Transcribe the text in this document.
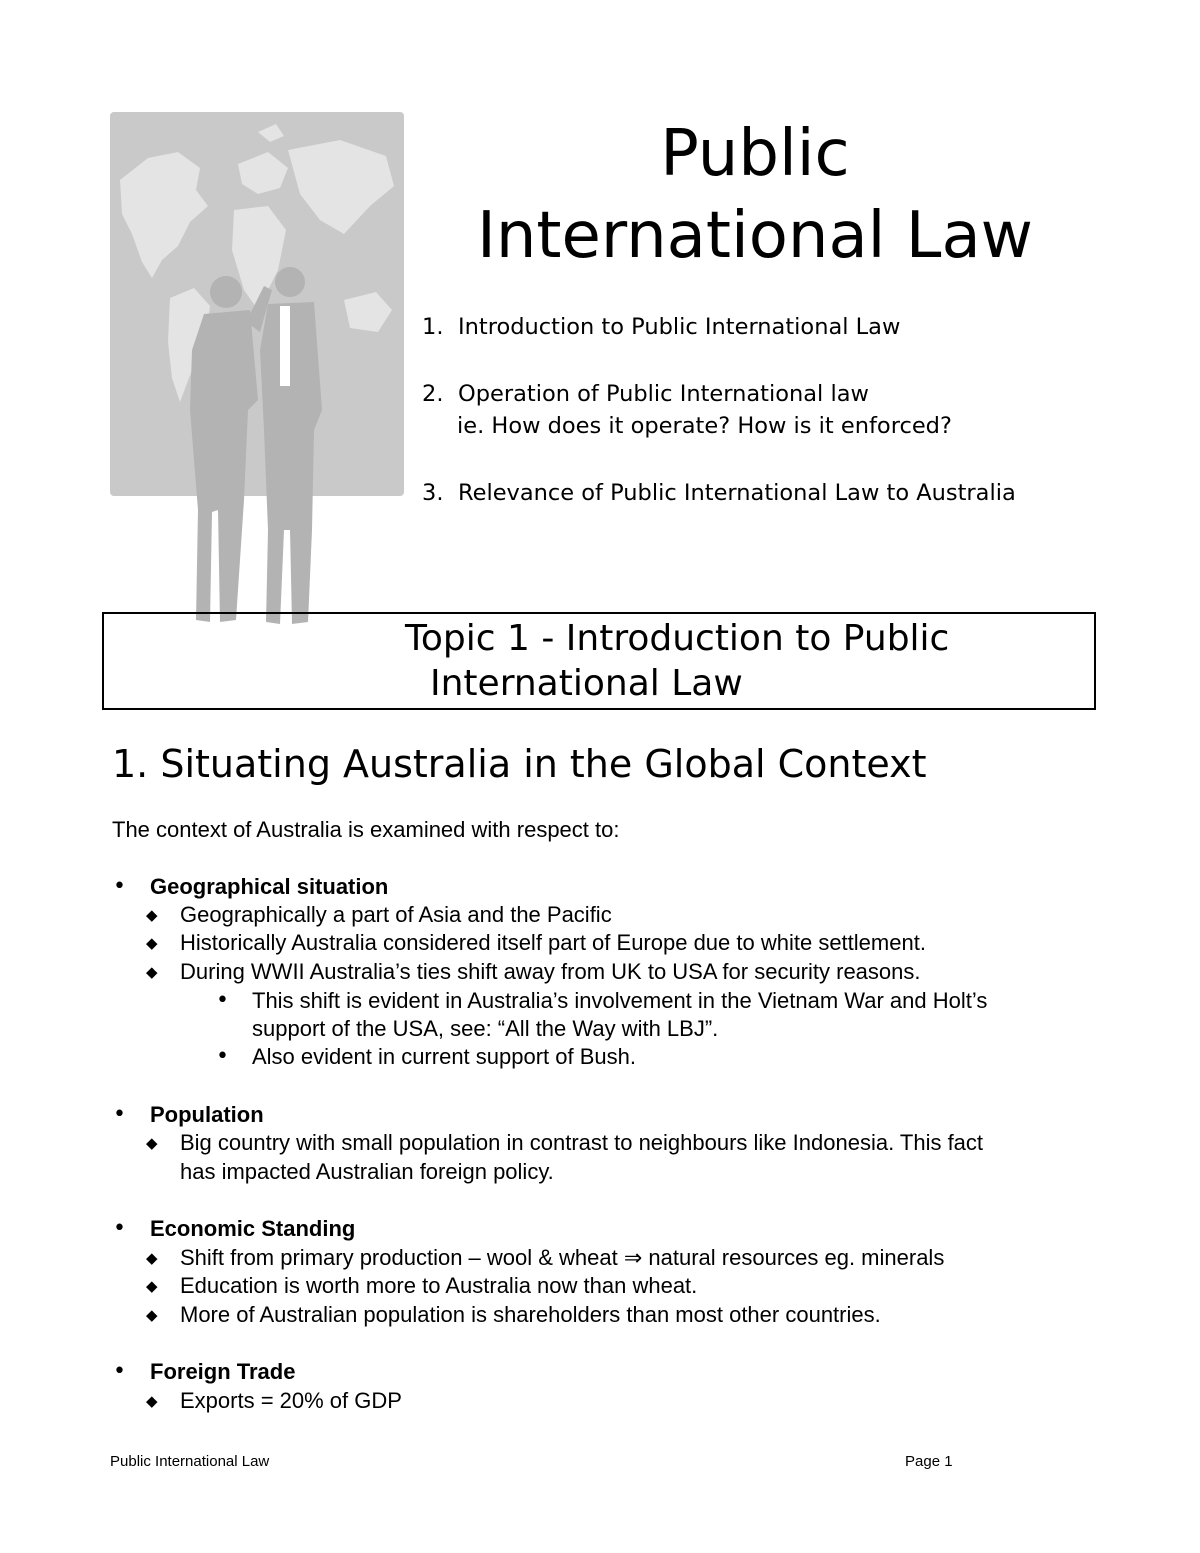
Public
International Law
1. Introduction to Public International Law
2. Operation of Public International law
ie. How does it operate? How is it enforced?
3. Relevance of Public International Law to Australia
Topic 1 - Introduction to Public
International Law
1. Situating Australia in the Global Context
The context of Australia is examined with respect to:
• Geographical situation
◆ Geographically a part of Asia and the Pacific
◆ Historically Australia considered itself part of Europe due to white settlement.
◆ During WWII Australia’s ties shift away from UK to USA for security reasons.
• This shift is evident in Australia’s involvement in the Vietnam War and Holt’s
support of the USA, see: “All the Way with LBJ”.
• Also evident in current support of Bush.
• Population
◆ Big country with small population in contrast to neighbours like Indonesia. This fact
has impacted Australian foreign policy.
• Economic Standing
◆ Shift from primary production – wool & wheat ⇒ natural resources eg. minerals
◆ Education is worth more to Australia now than wheat.
◆ More of Australian population is shareholders than most other countries.
• Foreign Trade
◆ Exports = 20% of GDP
Public International Law	Page 1
